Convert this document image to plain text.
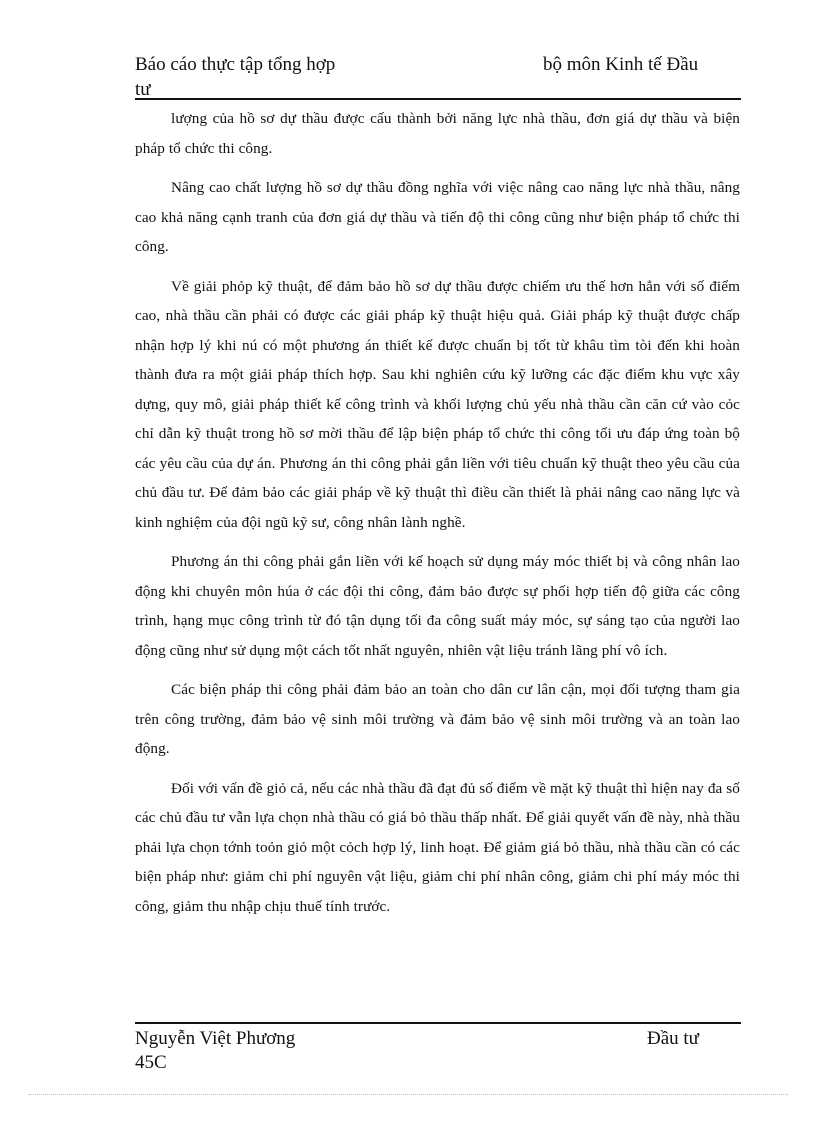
Báo cáo thực tập tổng hợp	bộ môn Kinh tế Đầu
tư

lượng của hồ sơ dự thầu được cấu thành bởi năng lực nhà thầu, đơn giá dự thầu và biện pháp tổ chức thi công.

Nâng cao chất lượng hồ sơ dự thầu đồng nghĩa với việc nâng cao năng lực nhà thầu, nâng cao khả năng cạnh tranh của đơn giá dự thầu và tiến độ thi công cũng như biện pháp tổ chức thi công.

Về giải phỏp kỹ thuật, để đảm bảo hồ sơ dự thầu được chiếm ưu thế hơn hẳn với số điểm cao, nhà thầu cần phải có được các giải pháp kỹ thuật hiệu quả. Giải pháp kỹ thuật được chấp nhận hợp lý khi nú có một phương án thiết kế được chuẩn bị tốt từ khâu tìm tòi đến khi hoàn thành đưa ra một giải pháp thích hợp. Sau khi nghiên cứu kỹ lưỡng các đặc điểm khu vực xây dựng, quy mô, giải pháp thiết kế công trình và khối lượng chủ yếu nhà thầu cần căn cứ vào cỏc chỉ dẫn kỹ thuật trong hồ sơ mời thầu để lập biện pháp tổ chức thi công tối ưu đáp ứng toàn bộ các yêu cầu của dự án. Phương án thi công phải gắn liền với tiêu chuẩn kỹ thuật theo yêu cầu của chủ đầu tư. Để đảm bảo các giải pháp về kỹ thuật thì điều cần thiết là phải nâng cao năng lực và kinh nghiệm của đội ngũ kỹ sư, công nhân lành nghề.

Phương án thi công phải gắn liền với kế hoạch sử dụng máy móc thiết bị và công nhân lao động khi chuyên môn húa ở các đội thi công, đảm bảo được sự phối hợp tiến độ giữa các công trình, hạng mục công trình từ đó tận dụng tối đa công suất máy móc, sự sáng tạo của người lao động cũng như sử dụng một cách tốt nhất nguyên, nhiên vật liệu tránh lãng phí vô ích.

Các biện pháp thi công phải đảm bảo an toàn cho dân cư lân cận, mọi đối tượng tham gia trên công trường, đảm bảo vệ sinh môi trường và đảm bảo vệ sinh môi trường và an toàn lao động.

Đối với vấn đề giỏ cả, nếu các nhà thầu đã đạt đủ số điểm về mặt kỹ thuật thì hiện nay đa số các chủ đầu tư vẫn lựa chọn nhà thầu có giá bỏ thầu thấp nhất. Để giải quyết vấn đề này, nhà thầu phải lựa chọn tớnh toỏn giỏ một cỏch hợp lý, linh hoạt. Để giảm giá bỏ thầu, nhà thầu cần có các biện pháp như: giảm chi phí nguyên vật liệu, giảm chi phí nhân công, giảm chi phí máy móc thi công, giảm thu nhập chịu thuế tính trước.

Nguyễn Việt Phương	Đầu tư
45C
